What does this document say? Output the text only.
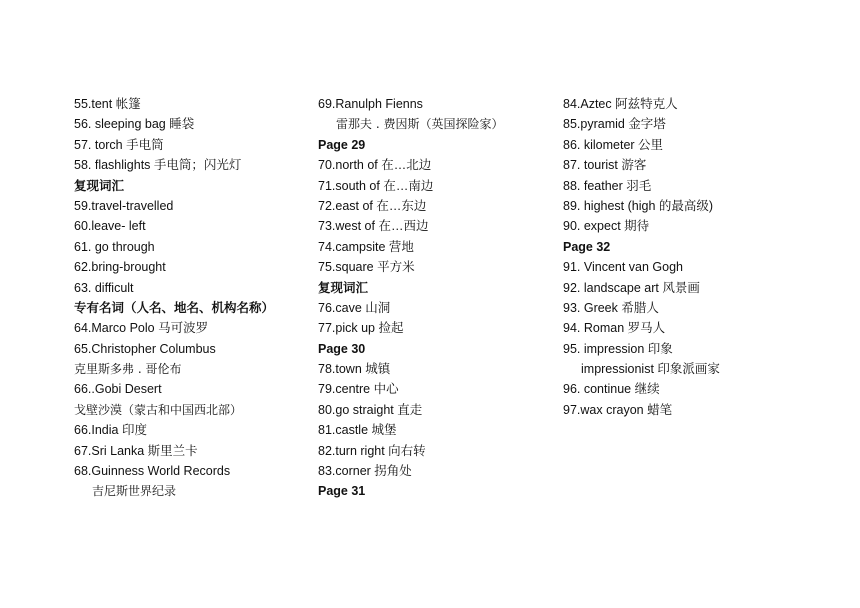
55.tent 帐篷
56. sleeping bag 睡袋
57. torch 手电筒
58. flashlights 手电筒；闪光灯
复现词汇
59.travel-travelled
60.leave- left
61. go through
62.bring-brought
63. difficult
专有名词（人名、地名、机构名称）
64.Marco Polo 马可波罗
65.Christopher Columbus
克里斯多弗 . 哥伦布
66..Gobi Desert
戈壁沙漠（蒙古和中国西北部）
66.India 印度
67.Sri Lanka 斯里兰卡
68.Guinness World Records
吉尼斯世界纪录
69.Ranulph Fienns
雷那夫 . 费因斯（英国探险家）
Page 29
70.north of 在…北边
71.south of 在…南边
72.east of 在…东边
73.west of 在…西边
74.campsite 营地
75.square 平方米
复现词汇
76.cave 山洞
77.pick up 捡起
Page 30
78.town 城镇
79.centre 中心
80.go straight 直走
81.castle 城堡
82.turn right 向右转
83.corner 拐角处
Page 31
84.Aztec 阿兹特克人
85.pyramid 金字塔
86. kilometer 公里
87. tourist 游客
88. feather 羽毛
89. highest (high 的最高级)
90. expect 期待
Page 32
91. Vincent van Gogh
92. landscape art 风景画
93. Greek 希腊人
94. Roman 罗马人
95. impression 印象
impressionist 印象派画家
96. continue 继续
97.wax crayon 蜡笔
